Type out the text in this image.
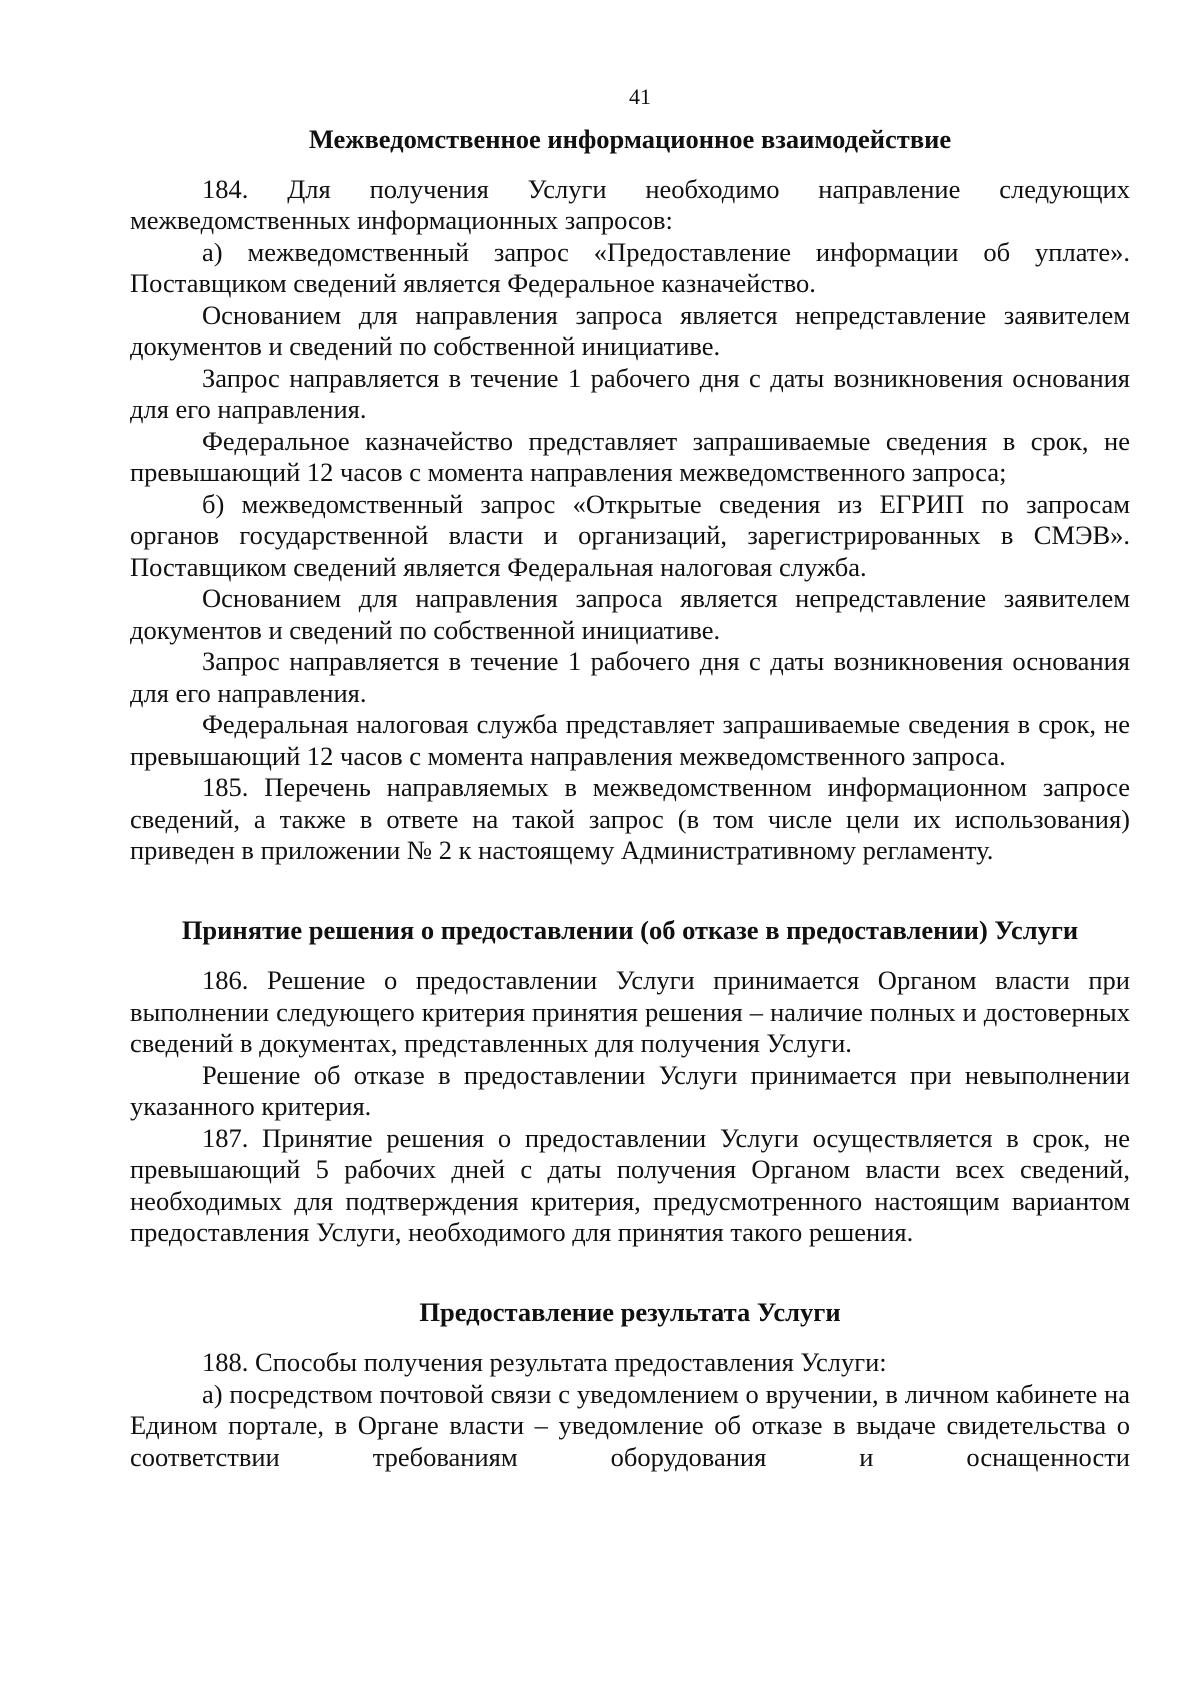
41
Межведомственное информационное взаимодействие

184. Для получения Услуги необходимо направление следующих межведомственных информационных запросов:

а) межведомственный запрос «Предоставление информации об уплате». Поставщиком сведений является Федеральное казначейство.

Основанием для направления запроса является непредставление заявителем документов и сведений по собственной инициативе.

Запрос направляется в течение 1 рабочего дня с даты возникновения основания для его направления.

Федеральное казначейство представляет запрашиваемые сведения в срок, не превышающий 12 часов с момента направления межведомственного запроса;

б) межведомственный запрос «Открытые сведения из ЕГРИП по запросам органов государственной власти и организаций, зарегистрированных в СМЭВ». Поставщиком сведений является Федеральная налоговая служба.

Основанием для направления запроса является непредставление заявителем документов и сведений по собственной инициативе.

Запрос направляется в течение 1 рабочего дня с даты возникновения основания для его направления.

Федеральная налоговая служба представляет запрашиваемые сведения в срок, не превышающий 12 часов с момента направления межведомственного запроса.

185. Перечень направляемых в межведомственном информационном запросе сведений, а также в ответе на такой запрос (в том числе цели их использования) приведен в приложении № 2 к настоящему Административному регламенту.

Принятие решения о предоставлении (об отказе в предоставлении) Услуги

186. Решение о предоставлении Услуги принимается Органом власти при выполнении следующего критерия принятия решения – наличие полных и достоверных сведений в документах, представленных для получения Услуги.

Решение об отказе в предоставлении Услуги принимается при невыполнении указанного критерия.

187. Принятие решения о предоставлении Услуги осуществляется в срок, не превышающий 5 рабочих дней с даты получения Органом власти всех сведений, необходимых для подтверждения критерия, предусмотренного настоящим вариантом предоставления Услуги, необходимого для принятия такого решения.

Предоставление результата Услуги

188. Способы получения результата предоставления Услуги:

а) посредством почтовой связи с уведомлением о вручении, в личном кабинете на Едином портале, в Органе власти – уведомление об отказе в выдаче свидетельства о соответствии требованиям оборудования и оснащенности
